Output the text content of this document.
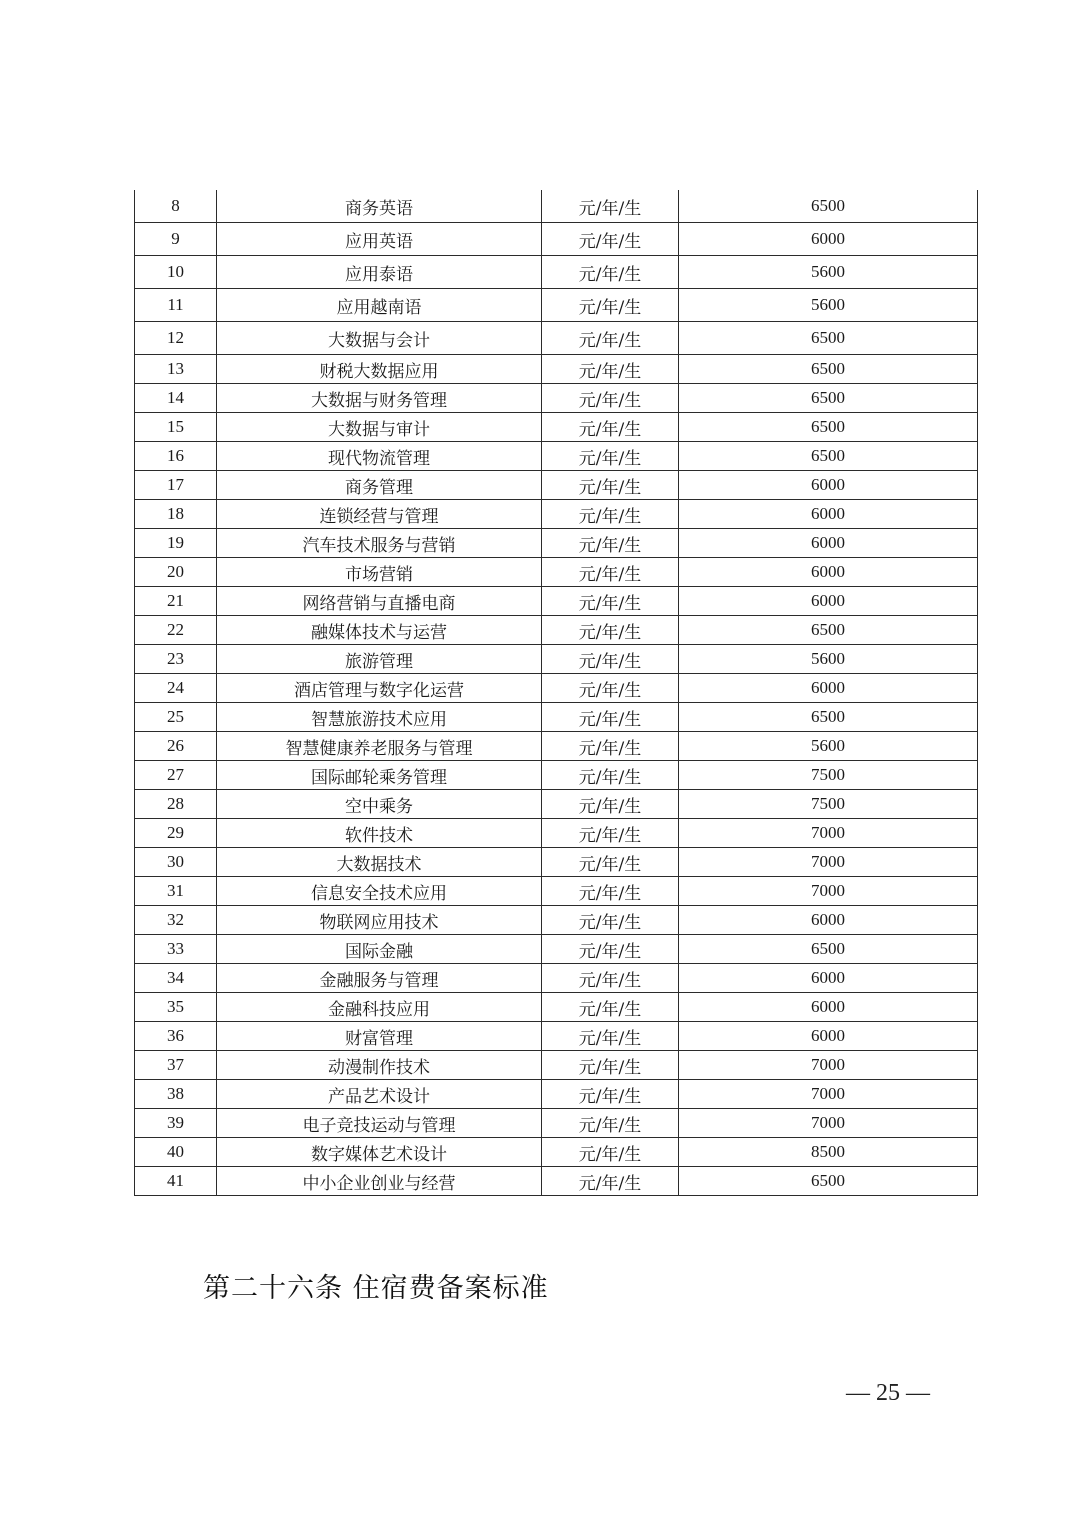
8	商务英语	元/年/生	6500
9	应用英语	元/年/生	6000
10	应用泰语	元/年/生	5600
11	应用越南语	元/年/生	5600
12	大数据与会计	元/年/生	6500
13	财税大数据应用	元/年/生	6500
14	大数据与财务管理	元/年/生	6500
15	大数据与审计	元/年/生	6500
16	现代物流管理	元/年/生	6500
17	商务管理	元/年/生	6000
18	连锁经营与管理	元/年/生	6000
19	汽车技术服务与营销	元/年/生	6000
20	市场营销	元/年/生	6000
21	网络营销与直播电商	元/年/生	6000
22	融媒体技术与运营	元/年/生	6500
23	旅游管理	元/年/生	5600
24	酒店管理与数字化运营	元/年/生	6000
25	智慧旅游技术应用	元/年/生	6500
26	智慧健康养老服务与管理	元/年/生	5600
27	国际邮轮乘务管理	元/年/生	7500
28	空中乘务	元/年/生	7500
29	软件技术	元/年/生	7000
30	大数据技术	元/年/生	7000
31	信息安全技术应用	元/年/生	7000
32	物联网应用技术	元/年/生	6000
33	国际金融	元/年/生	6500
34	金融服务与管理	元/年/生	6000
35	金融科技应用	元/年/生	6000
36	财富管理	元/年/生	6000
37	动漫制作技术	元/年/生	7000
38	产品艺术设计	元/年/生	7000
39	电子竞技运动与管理	元/年/生	7000
40	数字媒体艺术设计	元/年/生	8500
41	中小企业创业与经营	元/年/生	6500
第二十六条 住宿费备案标准
— 25 —
